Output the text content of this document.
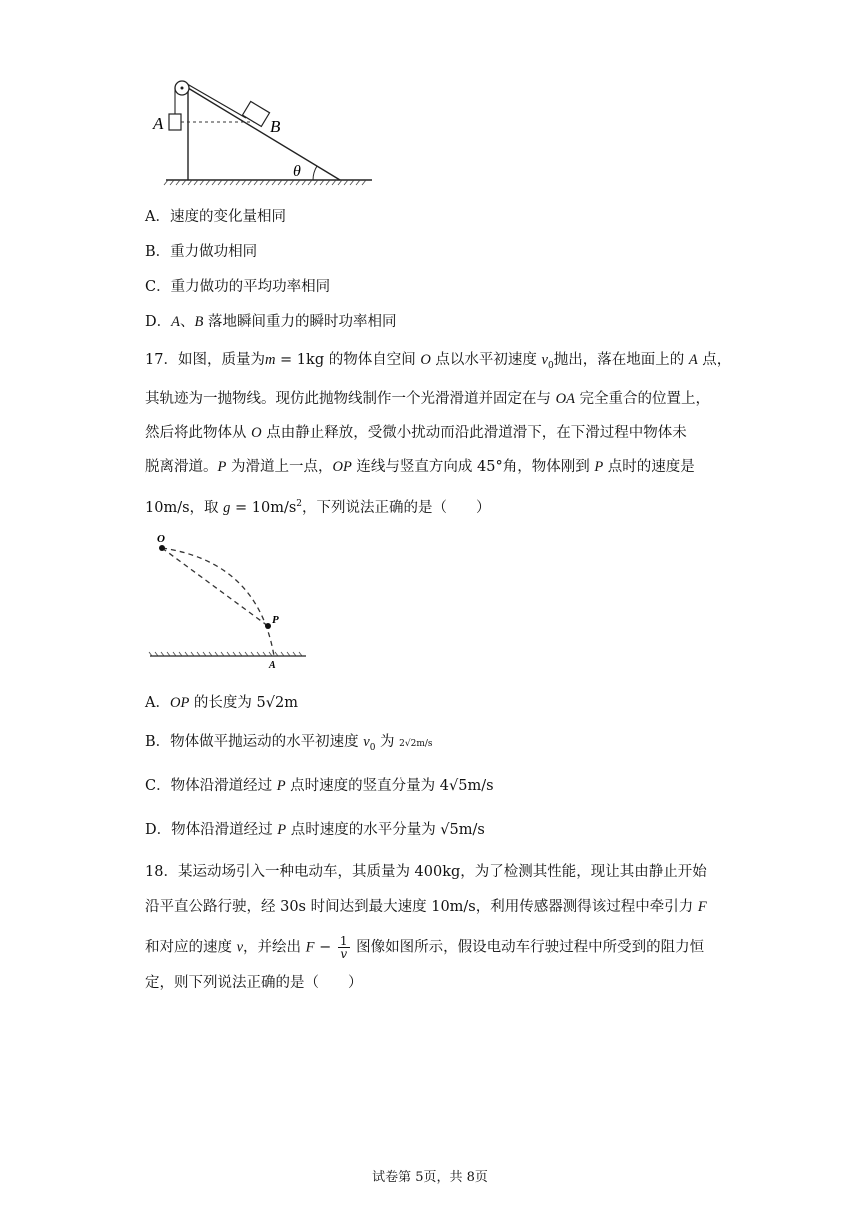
A	B
θ
A．速度的变化量相同
B．重力做功相同
C．重力做功的平均功率相同
D．A、B 落地瞬间重力的瞬时功率相同
17．如图，质量为m = 1kg 的物体自空间 O 点以水平初速度 $v_0$抛出，落在地面上的 A 点，
其轨迹为一抛物线。现仿此抛物线制作一个光滑滑道并固定在与 OA 完全重合的位置上，
然后将此物体从 O 点由静止释放，受微小扰动而沿此滑道滑下，在下滑过程中物体未
脱离滑道。P 为滑道上一点，OP 连线与竖直方向成 45°角，物体刚到 P 点时的速度是
10m/s，取 $g = 10m/s^2$，下列说法正确的是（　　）
O
P
A
A．OP 的长度为 5√2m
B．物体做平抛运动的水平初速度 $v_0$ 为 2√2m/s
C．物体沿滑道经过 P 点时速度的竖直分量为 4√5m/s
D．物体沿滑道经过 P 点时速度的水平分量为 √5m/s
18．某运动场引入一种电动车，其质量为 400kg，为了检测其性能，现让其由静止开始
沿平直公路行驶，经 30s 时间达到最大速度 10m/s，利用传感器测得该过程中牵引力 F
和对应的速度 v，并绘出 $F - \frac{1}{v}$ 图像如图所示，假设电动车行驶过程中所受到的阻力恒
定，则下列说法正确的是（　　）
试卷第 5页，共 8页
